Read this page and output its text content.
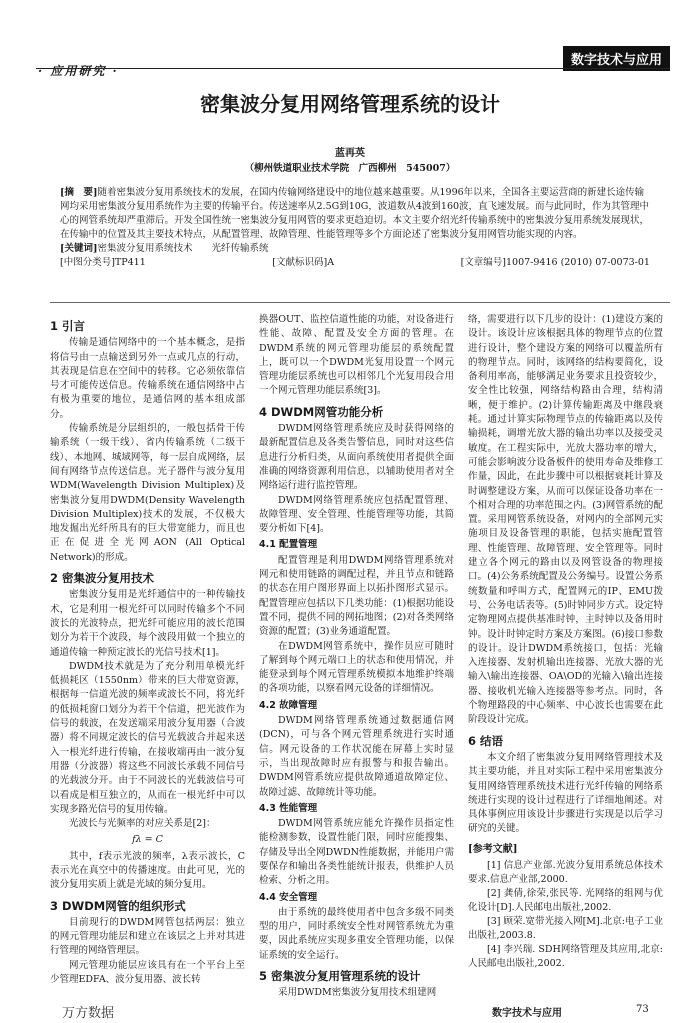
· 应用研究 ·
数字技术与应用
密集波分复用网络管理系统的设计
蓝再英
（柳州铁道职业技术学院　广西柳州　545007）

[摘　要]随着密集波分复用系统技术的发展，在国内传输网络建设中的地位越来越重要。从1996年以来，全国各主要运营商的新建长途传输网均采用密集波分复用系统作为主要的传输平台。传送速率从2.5G到10G，波道数从4波到160波，直飞速发展。而与此同时，作为其管理中心的网管系统却严重滞后。开发全国性统一密集波分复用网管的要求更趋迫切。本文主要介绍光纤传输系统中的密集波分复用系统发展现状，在传输中的位置及其主要技术特点，从配置管理、故障管理、性能管理等多个方面论述了密集波分复用网管功能实现的内容。

[关键词]密集波分复用系统技术　　光纤传输系统

[中图分类号]TP411	[文献标识码]A	[文章编号]1007-9416 (2010) 07-0073-01
1 引言

传输是通信网络中的一个基本概念，是指将信号由一点输送到另外一点或几点的行动，其表现是信息在空间中的转移。它必须依靠信号才可能传送信息。传输系统在通信网络中占有极为重要的地位，是通信网的基本组成部分。

传输系统是分层组织的，一般包括骨干传输系统（一级干线）、省内传输系统（二级干线）、本地网、城域网等，每一层自成网络，层间有网络节点传送信息。光子器件与波分复用WDM(Wavelength Division Multiplex)及密集波分复用DWDM(Density Wavelength Division Multiplex)技术的发展，不仅极大地发掘出光纤所具有的巨大带宽能力，而且也正在促进全光网AON (All Optical Network)的形成。

2 密集波分复用技术

密集波分复用是光纤通信中的一种传输技术，它是利用一根光纤可以同时传输多个不同波长的光波特点，把光纤可能应用的波长范围划分为若干个波段，每个波段用做一个独立的通道传输一种预定波长的光信号技术[1]。

DWDM技术就是为了充分利用单模光纤低损耗区（1550nm）带来的巨大带宽资源，根据每一信道光波的频率或波长不同，将光纤的低损耗窗口划分为若干个信道，把光波作为信号的载波，在发送端采用波分复用器（合波器）将不同规定波长的信号光载波合并起来送入一根光纤进行传输，在接收端再由一波分复用器（分波器）将这些不同波长承载不同信号的光载波分开。由于不同波长的光载波信号可以看成是相互独立的，从而在一根光纤中可以实现多路光信号的复用传输。

光波长与光频率的对应关系是[2]：

fλ = C

其中，f表示光波的频率，λ表示波长，C表示光在真空中的传播速度。由此可见，光的波分复用实质上就是光域的频分复用。

3 DWDM网管的组织形式

目前现行的DWDM网管包括两层：独立的网元管理功能层和建立在该层之上并对其进行管理的网络管理层。

网元管理功能层应该具有在一个平台上至少管理EDFA、波分复用器、波长转

换器OUT、监控信道性能的功能，对设备进行性能、故障、配置及安全方面的管理。在DWDM系统的网元管理功能层的系统配置上，既可以一个DWDM光复用设置一个网元管理功能层系统也可以相邻几个光复用段合用一个网元管理功能层系统[3]。

4 DWDM网管功能分析

DWDM网络管理系统应及时获得网络的最新配置信息及各类告警信息，同时对这些信息进行分析归类，从面向系统使用者提供全面准确的网络资源利用信息，以辅助使用者对全网络运行进行监控管理。

DWDM网络管理系统应包括配置管理、故障管理、安全管理、性能管理等功能，其简要分析如下[4]。

4.1 配置管理

配置管理是利用DWDM网络管理系统对网元和使用链路的调配过程，并且节点和链路的状态在用户图形界面上以拓扑图形式显示。配置管理应包括以下几类功能：(1)根据功能设置不同，提供不同的网拓地图；(2)对各类网络资源的配置；(3)业务通道配置。

在DWDM网管系统中，操作员应可随时了解到每个网元端口上的状态和使用情况，并能登录到每个网元管理系统模拟本地维护终端的各项功能，以察看网元设备的详细情况。

4.2 故障管理

DWDM网络管理系统通过数据通信网(DCN)，可与各个网元管理系统进行实时通信。网元设备的工作状况能在屏幕上实时显示，当出现故障时应有报警与和报告输出。DWDM网管系统应提供故障通道故障定位、故障过滤、故障统计等功能。

4.3 性能管理

DWDM网管系统应能允许操作员指定性能检测参数，设置性能门限，同时应能搜集、存储及导出全网DWDN性能数据，并能用户需要保存和输出各类性能统计报表，供维护人员检索、分析之用。

4.4 安全管理

由于系统的最终使用者中包含多级不同类型的用户，同时系统安全性对网管系统尤为重要，因此系统应实现多重安全管理功能，以保证系统的安全运行。

5 密集波分复用管理系统的设计

采用DWDM密集波分复用技术组建网

络，需要进行以下几步的设计：(1)建设方案的设计。该设计应该根据具体的物理节点的位置进行设计，整个建设方案的网络可以覆盖所有的物理节点。同时，该网络的结构要简化，设备利用率高，能够满足业务要求且投资较少，安全性比较强，网络结构路由合理，结构清晰，便于维护。(2)计算传输距离及中继段衰耗。通过计算实际物理节点的传输距离以及传输损耗，调增光放大器的输出功率以及接受灵敏度。在工程实际中，光放大器功率的增大，可能会影响波分设备板件的使用寿命及维修工作量，因此，在此步骤中可以根据衰耗计算及时调整建设方案，从而可以保证设备功率在一个相对合理的功率范围之内。(3)网管系统的配置。采用网管系统设备，对网内的全部网元实施项目及设备管理的职能，包括实施配置管理、性能管理、故障管理、安全管理等。同时建立各个网元的路由以及网管设备的物理接口。(4)公务系统配置及公务编号。设置公务系统数量和呼叫方式，配置网元的IP、EMU拨号、公务电话表等。(5)时钟同步方式。设定特定物理网点提供基准时钟，主时钟以及备用时钟。设计时钟定时方案及方案图。(6)接口参数的设计。设计DWDM系统接口，包括：光输入连接器、发射机输出连接器、光放大器的光输入\输出连接器、OA\OD的光输入\输出连接器、接收机光输入连接器等参考点。同时，各个物理路段的中心频率、中心波长也需要在此阶段设计完成。

6 结语

本文介绍了密集波分复用网络管理技术及其主要功能，并且对实际工程中采用密集波分复用网络管理系统技术进行光纤传输的网络系统进行实现的设计过程进行了详细地阐述。对具体事例应用该设计步骤进行实现是以后学习研究的关键。

[参考文献]

[1] 信息产业部.光波分复用系统总体技术要求.信息产业部,2000.

[2] 龚倩,徐荣,张民等. 光网络的组网与优化设计[D].人民邮电出版社,2002.

[3] 顾荣.宽带光接入网[M].北京:电子工业出版社,2003.8.

[4] 李兴瑞. SDH网络管理及其应用,北京:人民邮电出版社,2002.

万方数据	数字技术与应用	73
